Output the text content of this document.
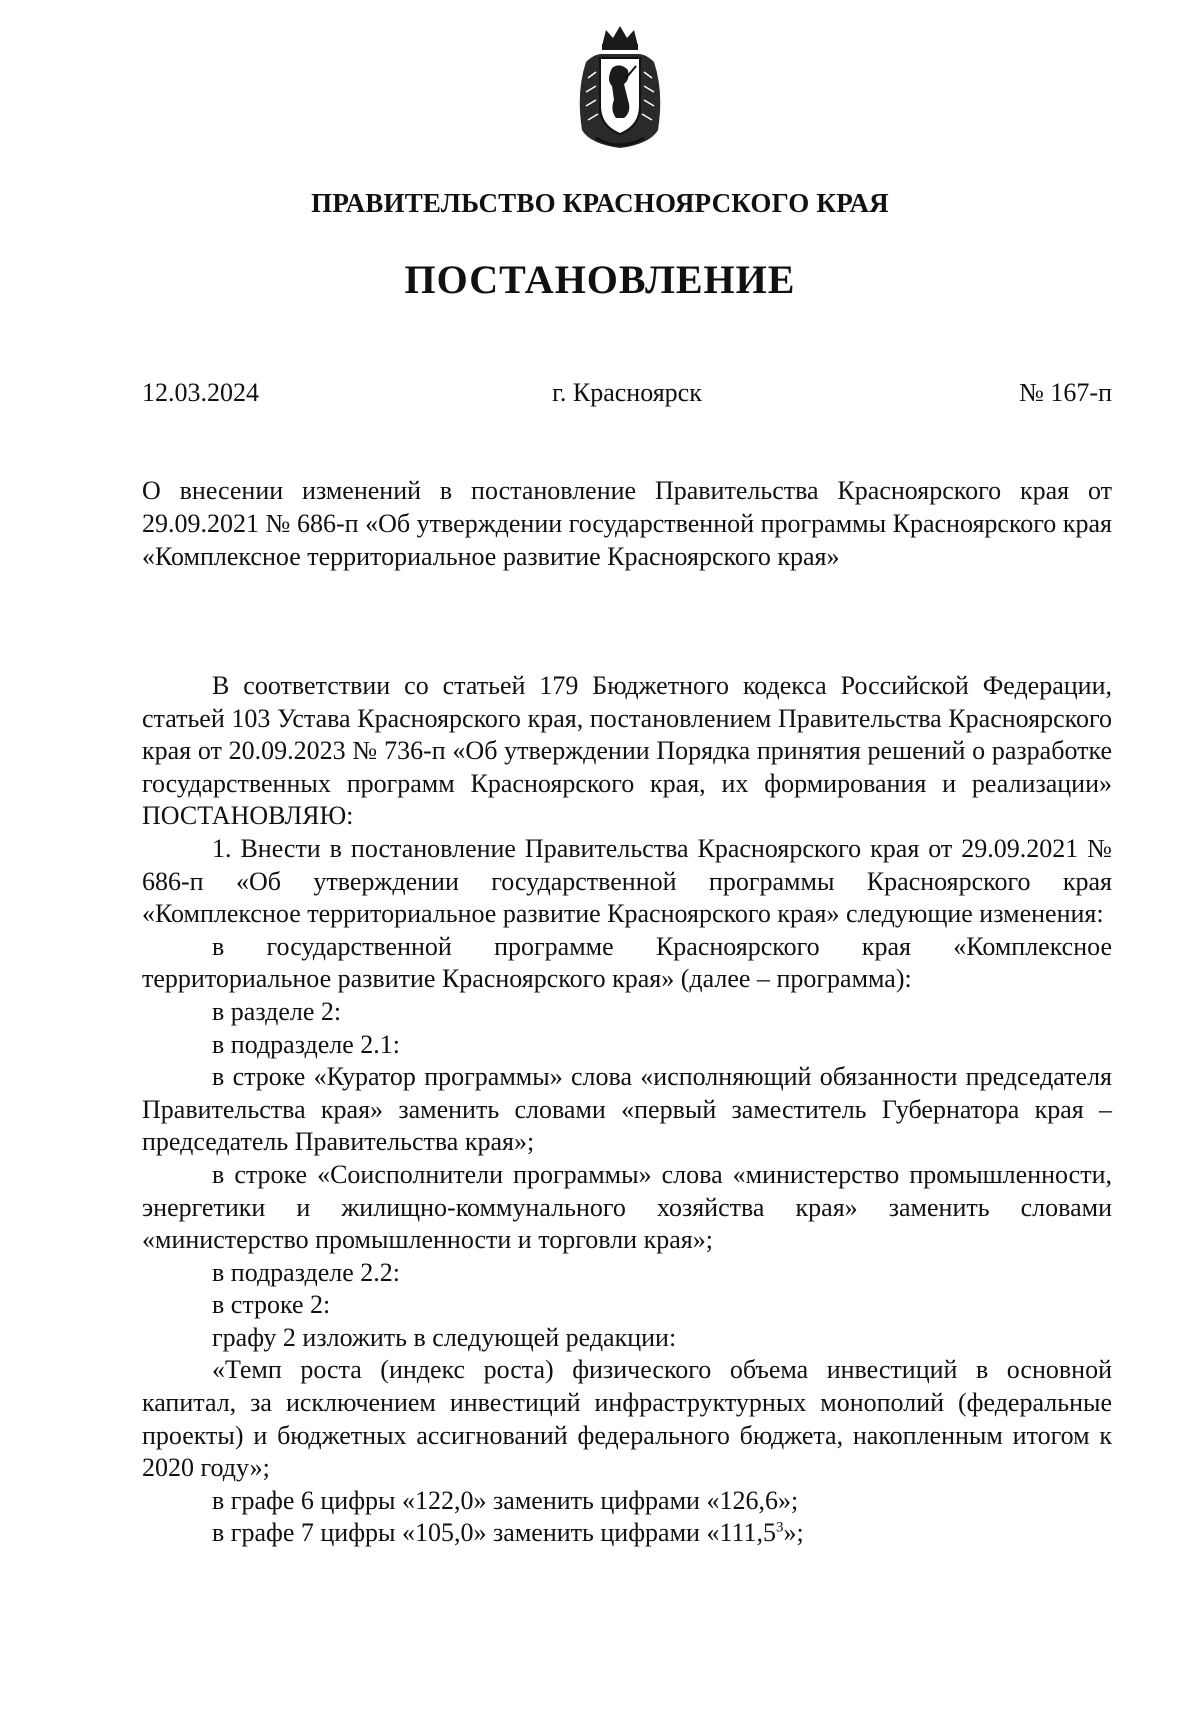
ПРАВИТЕЛЬСТВО КРАСНОЯРСКОГО КРАЯ
ПОСТАНОВЛЕНИЕ
12.03.2024	г. Красноярск	№ 167-п
О внесении изменений в постановление Правительства Красноярского края от 29.09.2021 № 686-п «Об утверждении государственной программы Красноярского края «Комплексное территориальное развитие Красноярского края»

В соответствии со статьей 179 Бюджетного кодекса Российской Федерации, статьей 103 Устава Красноярского края, постановлением Правительства Красноярского края от 20.09.2023 № 736-п «Об утверждении Порядка принятия решений о разработке государственных программ Красноярского края, их формирования и реализации» ПОСТАНОВЛЯЮ:

1. Внести в постановление Правительства Красноярского края от 29.09.2021 № 686-п «Об утверждении государственной программы Красноярского края «Комплексное территориальное развитие Красноярского края» следующие изменения:

в государственной программе Красноярского края «Комплексное территориальное развитие Красноярского края» (далее – программа):

в разделе 2:

в подразделе 2.1:

в строке «Куратор программы» слова «исполняющий обязанности председателя Правительства края» заменить словами «первый заместитель Губернатора края – председатель Правительства края»;

в строке «Соисполнители программы» слова «министерство промышленности, энергетики и жилищно-коммунального хозяйства края» заменить словами «министерство промышленности и торговли края»;

в подразделе 2.2:

в строке 2:

графу 2 изложить в следующей редакции:

«Темп роста (индекс роста) физического объема инвестиций в основной капитал, за исключением инвестиций инфраструктурных монополий (федеральные проекты) и бюджетных ассигнований федерального бюджета, накопленным итогом к 2020 году»;

в графе 6 цифры «122,0» заменить цифрами «126,6»;

в графе 7 цифры «105,0» заменить цифрами «111,5$^3$»;
